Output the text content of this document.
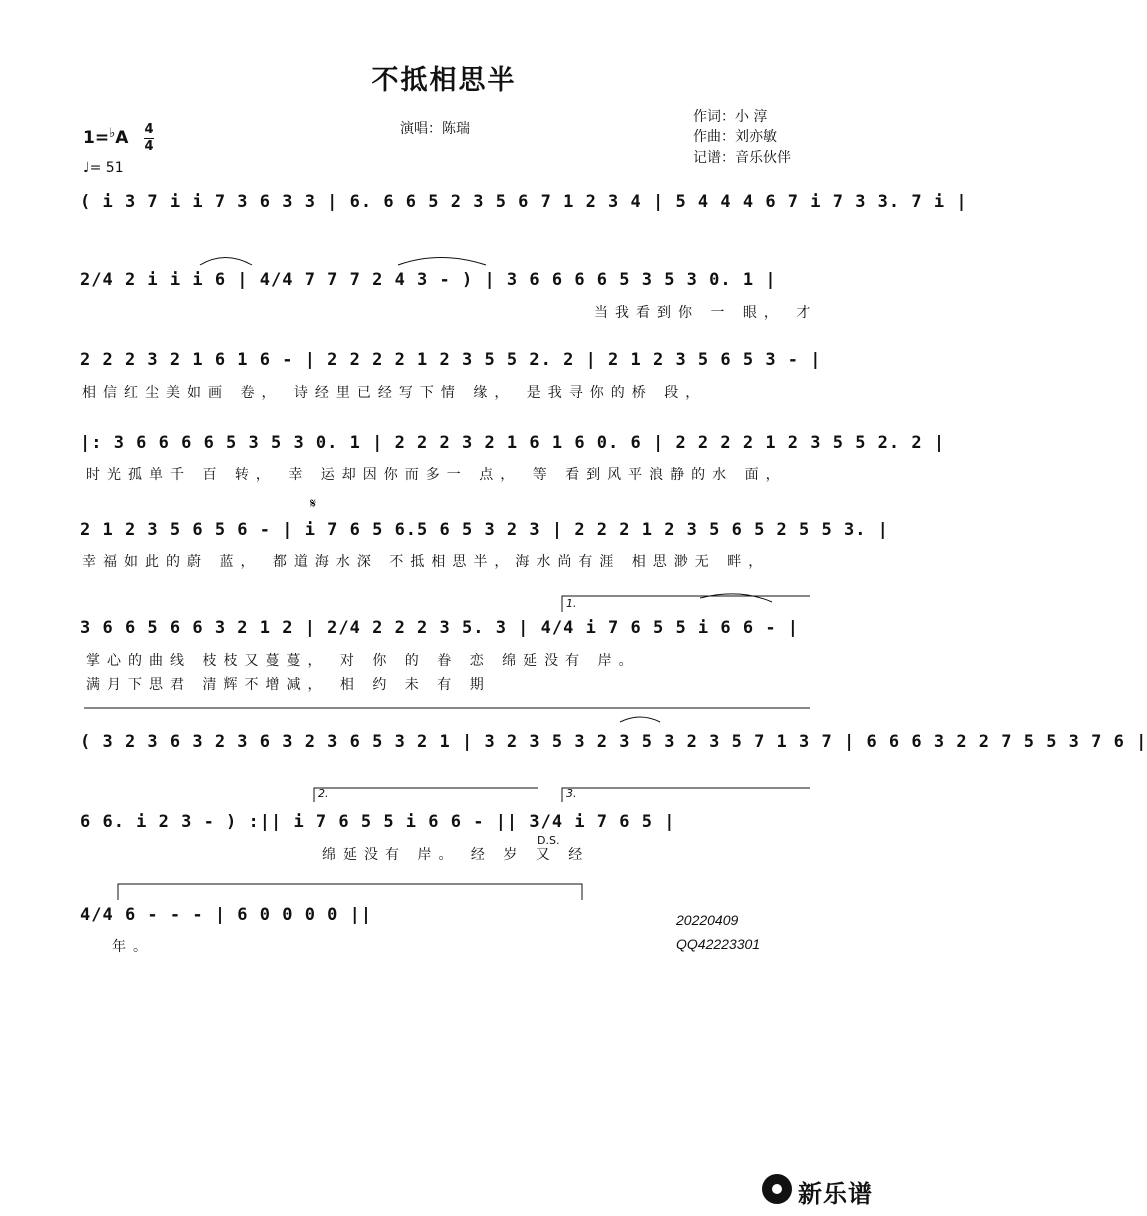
不抵相思半
演唱：陈瑞
作词：小 淳
作曲：刘亦敏
记谱：音乐伙伴
1=♭A 4
4
♩= 51
( i 3 7 i i 7 3 6 3 3 | 6. 6 6 5 2 3 5 6 7 1 2 3 4 | 5 4 4 4 6 7 i 7 3 3. 7 i |
2/4 2 i i i 6 | 4/4 7 7 7 2 4 3 - ) | 3 6 6 6 6 5 3 5 3 0. 1 |
当我看到你 一 眼， 才
2 2 2 3 2 1 6 1 6 - | 2 2 2 2 1 2 3 5 5 2. 2 | 2 1 2 3 5 6 5 3 - |
相信红尘美如画 卷， 诗经里已经写下情 缘， 是我寻你的桥 段，
|: 3 6 6 6 6 5 3 5 3 0. 1 | 2 2 2 3 2 1 6 1 6 0. 6 | 2 2 2 2 1 2 3 5 5 2. 2 |
时光孤单千 百 转， 幸 运却因你而多一 点， 等 看到风平浪静的水 面，
2 1 2 3 5 6 5 6 - | i 7 6 5 6.5 6 5 3 2 3 | 2 2 2 1 2 3 5 6 5 2 5 5 3. |
幸福如此的蔚 蓝， 都道海水深 不抵相思半，海水尚有涯 相思渺无 畔，
3 6 6 5 6 6 3 2 1 2 | 2/4 2 2 2 3 5. 3 | 4/4 i 7 6 5 5 i 6 6 - |
掌心的曲线 枝枝又蔓蔓， 对 你 的 眷 恋 绵延没有 岸。
满月下思君 清辉不增减， 相 约 未 有 期
( 3 2 3 6 3 2 3 6 3 2 3 6 5 3 2 1 | 3 2 3 5 3 2 3 5 3 2 3 5 7 1 3 7 | 6 6 6 3 2 2 7 5 5 3 7 6 |
6 6. i 2 3 - ) :|| i 7 6 5 5 i 6 6 - || 3/4 i 7 6 5 |
绵延没有 岸。 经 岁 又 经
D.S.
4/4 6 - - - | 6 0 0 0 0 ||
年。
1.
2.	3.
𝄋
20220409
QQ42223301
新乐谱
